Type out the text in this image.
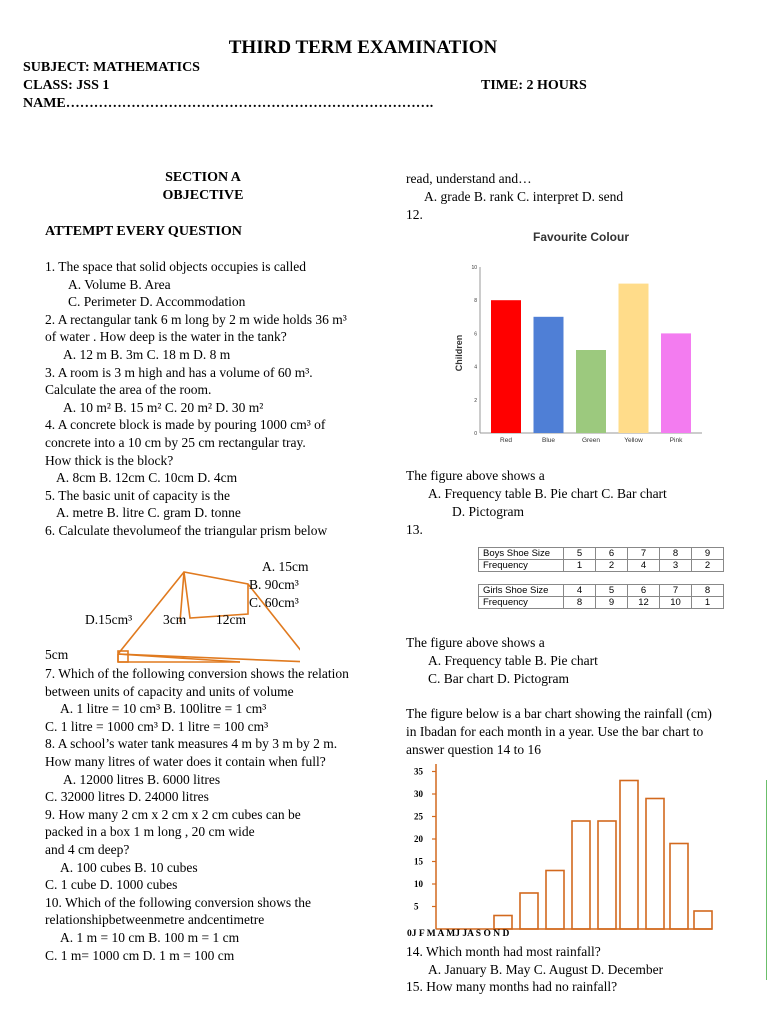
THIRD TERM EXAMINATION
SUBJECT: MATHEMATICS
CLASS: JSS 1	TIME: 2 HOURS
NAME…………………………………………………………………….
SECTION A
OBJECTIVE
ATTEMPT EVERY QUESTION
1. The space that solid objects occupies is called
A. Volume B. Area
C. Perimeter D. Accommodation
2. A rectangular tank 6 m long by 2 m wide holds 36 m³
of water . How deep is the water in the tank?
A. 12 m B. 3m C. 18 m D. 8 m
3. A room is 3 m high and has a volume of 60 m³.
Calculate the area of the room.
A. 10 m² B. 15 m² C. 20 m² D. 30 m²
4. A concrete block is made by pouring 1000 cm³ of
concrete into a 10 cm by 25 cm rectangular tray.
How thick is the block?
A. 8cm B. 12cm C. 10cm D. 4cm
5. The basic unit of capacity is the
A. metre B. litre C. gram D. tonne
6. Calculate thevolumeof the triangular prism below
A. 15cm
B. 90cm³
C. 60cm³
D.15cm³ 3cm 12cm
5cm
7. Which of the following conversion shows the relation
between units of capacity and units of volume
A. 1 litre = 10 cm³ B. 100litre = 1 cm³
C. 1 litre = 1000 cm³ D. 1 litre = 100 cm³
8. A school’s water tank measures 4 m by 3 m by 2 m.
How many litres of water does it contain when full?
A. 12000 litres B. 6000 litres
C. 32000 litres D. 24000 litres
9. How many 2 cm x 2 cm x 2 cm cubes can be
packed in a box 1 m long , 20 cm wide
and 4 cm deep?
A. 100 cubes B. 10 cubes
C. 1 cube D. 1000 cubes
10. Which of the following conversion shows the
relationshipbetweenmetre andcentimetre
A. 1 m = 10 cm B. 100 m = 1 cm
C. 1 m= 1000 cm D. 1 m = 100 cm
read, understand and…
A. grade B. rank C. interpret D. send
12.
Favourite Colour
Children
0
2
4
6
8
10
Red	Blue	Green	Yellow	Pink
The figure above shows a
A. Frequency table B. Pie chart C. Bar chart
D. Pictogram
13.
Boys Shoe Size	5	6	7	8	9
Frequency	1	2	4	3	2
Girls Shoe Size	4	5	6	7	8
Frequency	8	9	12	10	1
The figure above shows a
A. Frequency table B. Pie chart
C. Bar chart D. Pictogram
The figure below is a bar chart showing the rainfall (cm)
in Ibadan for each month in a year. Use the bar chart to
answer question 14 to 16
5
10
15
20
25
30
35
0J F M A MJ JA S O N D
14. Which month had most rainfall?
A. January B. May C. August D. December
15. How many months had no rainfall?
